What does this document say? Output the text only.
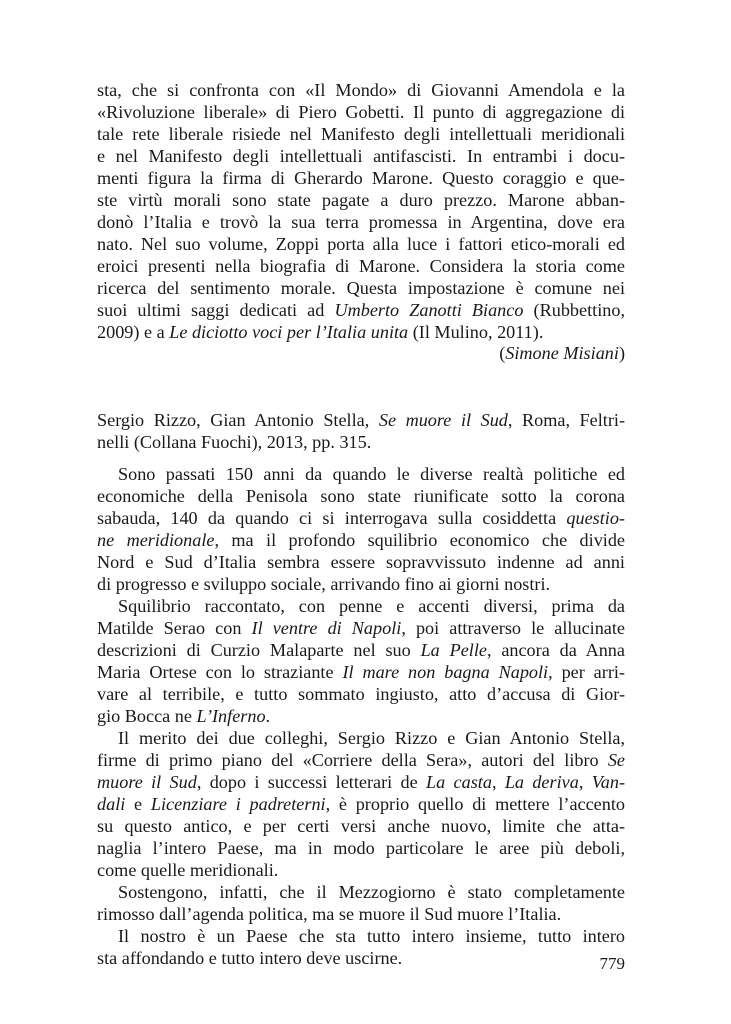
sta, che si confronta con «Il Mondo» di Giovanni Amendola e la
«Rivoluzione liberale» di Piero Gobetti. Il punto di aggregazione di
tale rete liberale risiede nel Manifesto degli intellettuali meridionali
e nel Manifesto degli intellettuali antifascisti. In entrambi i docu-
menti figura la firma di Gherardo Marone. Questo coraggio e que-
ste virtù morali sono state pagate a duro prezzo. Marone abban-
donò l’Italia e trovò la sua terra promessa in Argentina, dove era
nato. Nel suo volume, Zoppi porta alla luce i fattori etico-morali ed
eroici presenti nella biografia di Marone. Considera la storia come
ricerca del sentimento morale. Questa impostazione è comune nei
suoi ultimi saggi dedicati ad Umberto Zanotti Bianco (Rubbettino,
2009) e a Le diciotto voci per l’Italia unita (Il Mulino, 2011).

(Simone Misiani)

Sergio Rizzo, Gian Antonio Stella, Se muore il Sud, Roma, Feltri-
nelli (Collana Fuochi), 2013, pp. 315.
Sono passati 150 anni da quando le diverse realtà politiche ed
economiche della Penisola sono state riunificate sotto la corona
sabauda, 140 da quando ci si interrogava sulla cosiddetta questio-
ne meridionale, ma il profondo squilibrio economico che divide
Nord e Sud d’Italia sembra essere sopravvissuto indenne ad anni
di progresso e sviluppo sociale, arrivando fino ai giorni nostri.
Squilibrio raccontato, con penne e accenti diversi, prima da
Matilde Serao con Il ventre di Napoli, poi attraverso le allucinate
descrizioni di Curzio Malaparte nel suo La Pelle, ancora da Anna
Maria Ortese con lo straziante Il mare non bagna Napoli, per arri-
vare al terribile, e tutto sommato ingiusto, atto d’accusa di Gior-
gio Bocca ne L’Inferno.
Il merito dei due colleghi, Sergio Rizzo e Gian Antonio Stella,
firme di primo piano del «Corriere della Sera», autori del libro Se
muore il Sud, dopo i successi letterari de La casta, La deriva, Van-
dali e Licenziare i padreterni, è proprio quello di mettere l’accento
su questo antico, e per certi versi anche nuovo, limite che atta-
naglia l’intero Paese, ma in modo particolare le aree più deboli,
come quelle meridionali.
Sostengono, infatti, che il Mezzogiorno è stato completamente
rimosso dall’agenda politica, ma se muore il Sud muore l’Italia.
Il nostro è un Paese che sta tutto intero insieme, tutto intero
sta affondando e tutto intero deve uscirne.	779
